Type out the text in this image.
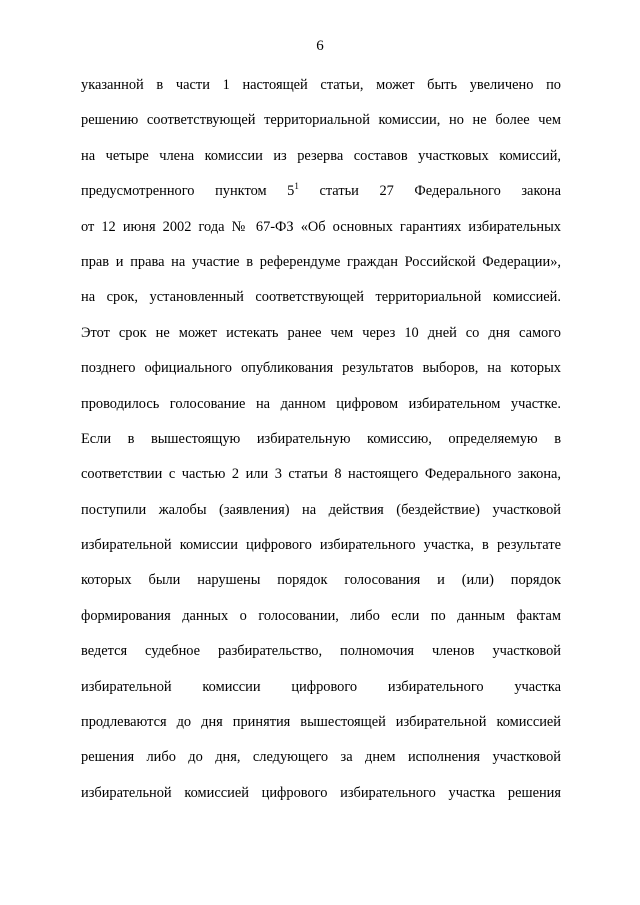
6
указанной в части 1 настоящей статьи, может быть увеличено по
решению соответствующей территориальной комиссии, но не более чем
на четыре члена комиссии из резерва составов участковых комиссий,
предусмотренного пунктом $5^1$ статьи 27 Федерального закона
от 12 июня 2002 года № 67-ФЗ «Об основных гарантиях избирательных
прав и права на участие в референдуме граждан Российской Федерации»,
на срок, установленный соответствующей территориальной комиссией.
Этот срок не может истекать ранее чем через 10 дней со дня самого
позднего официального опубликования результатов выборов, на которых
проводилось голосование на данном цифровом избирательном участке.
Если в вышестоящую избирательную комиссию, определяемую в
соответствии с частью 2 или 3 статьи 8 настоящего Федерального закона,
поступили жалобы (заявления) на действия (бездействие) участковой
избирательной комиссии цифрового избирательного участка, в результате
которых были нарушены порядок голосования и (или) порядок
формирования данных о голосовании, либо если по данным фактам
ведется судебное разбирательство, полномочия членов участковой
избирательной комиссии цифрового избирательного участка
продлеваются до дня принятия вышестоящей избирательной комиссией
решения либо до дня, следующего за днем исполнения участковой
избирательной комиссией цифрового избирательного участка решения
